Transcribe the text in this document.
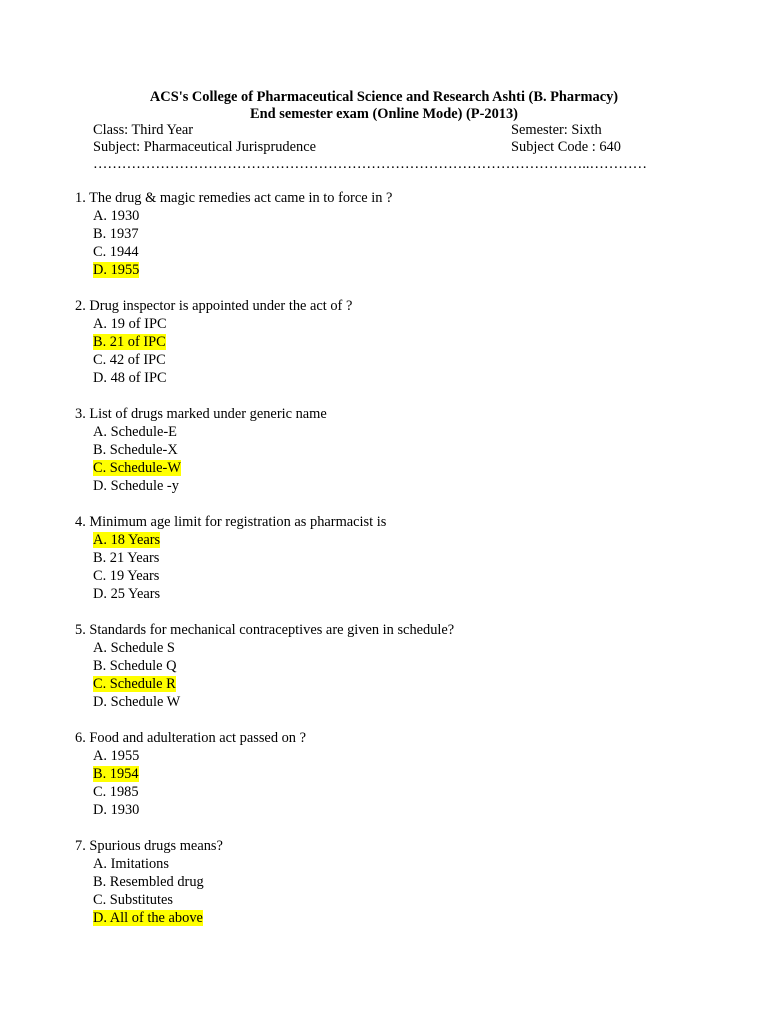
ACS's College of Pharmaceutical Science and Research Ashti (B. Pharmacy)
End semester exam (Online Mode) (P-2013)
Class: Third Year	Semester: Sixth
Subject: Pharmaceutical Jurisprudence	Subject Code : 640
…………………………………………………………………………………………..…………
1. The drug & magic remedies act came in to force in ?
A. 1930
B. 1937
C. 1944
D. 1955
2. Drug inspector is appointed under the act of ?
A. 19 of IPC
B. 21 of IPC
C. 42 of IPC
D. 48 of IPC
3. List of drugs marked under generic name
A. Schedule-E
B. Schedule-X
C. Schedule-W
D. Schedule -y
4. Minimum age limit for registration as pharmacist is
A. 18 Years
B. 21 Years
C. 19 Years
D. 25 Years
5. Standards for mechanical contraceptives are given in schedule?
A. Schedule S
B. Schedule Q
C. Schedule R
D. Schedule W
6. Food and adulteration act passed on ?
A. 1955
B. 1954
C. 1985
D. 1930
7. Spurious drugs means?
A. Imitations
B. Resembled drug
C. Substitutes
D. All of the above
